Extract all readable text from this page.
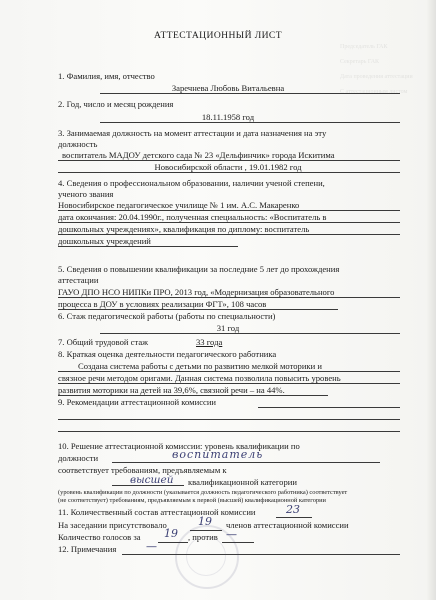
Председатель ГАК
Секретарь ГАК
Дата проведения аттестации
С аттестационным листом
АТТЕСТАЦИОННЫЙ ЛИСТ
1. Фамилия, имя, отчество
Заречнева Любовь Витальевна
2. Год, число и месяц рождения
18.11.1958 год
3. Занимаемая должность на момент аттестации и дата назначения на эту
должность
воспитатель МАДОУ детского сада № 23 «Дельфинчик» города Искитима
Новосибирской области , 19.01.1982 год
4. Сведения о профессиональном образовании, наличии ученой степени,
ученого звания
Новосибирское педагогическое училище № 1 им. А.С. Макаренко
дата окончания: 20.04.1990г., полученная специальность: «Воспитатель в
дошкольных учреждениях», квалификация по диплому: воспитатель
дошкольных учреждений
5. Сведения о повышении квалификации за последние 5 лет до прохождения
аттестации
ГАУО ДПО НСО НИПКи ПРО, 2013 год, «Модернизация образовательного
процесса в ДОУ в условиях реализации ФГТ», 108 часов
6. Стаж педагогической работы (работы по специальности)
31 год
7. Общий трудовой стаж	33 года
8. Краткая оценка деятельности педагогического работника
Создана система работы с детьми по развитию мелкой моторики и
связное речи методом оригами. Данная система позволила повысить уровень
развития моторики на детей на 39,6%, связной речи – на 44%.
9. Рекомендации аттестационной комиссии
10. Решение аттестационной комиссии: уровень квалификации по
должности	воспитатель
соответствует требованиям, предъявляемым к
высшей квалификационной категории
(уровень квалификации по должности (указывается должность педагогического работника) соответствует
(не соответствует) требованиям, предъявляемым к первой (высшей) квалификационной категории
11. Количественный состав аттестационной комиссии	23
На заседании присутствовало	19 членов аттестационной комиссии
Количество голосов за 19 , против —
12. Примечания	—
